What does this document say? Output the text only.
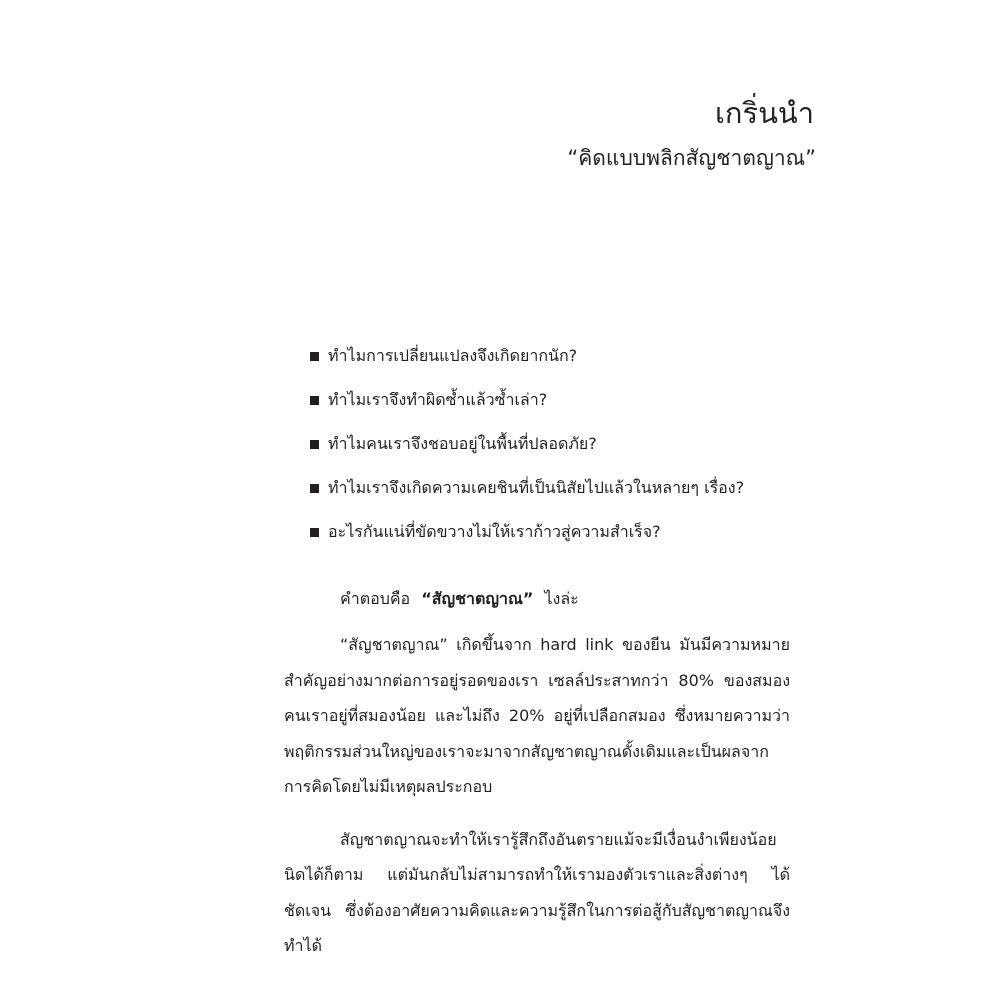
เกริ่นนำ
“คิดแบบพลิกสัญชาตญาณ”
ทำไมการเปลี่ยนแปลงจึงเกิดยากนัก?
ทำไมเราจึงทำผิดซ้ำแล้วซ้ำเล่า?
ทำไมคนเราจึงชอบอยู่ในพื้นที่ปลอดภัย?
ทำไมเราจึงเกิดความเคยชินที่เป็นนิสัยไปแล้วในหลายๆ เรื่อง?
อะไรกันแน่ที่ขัดขวางไม่ให้เราก้าวสู่ความสำเร็จ?
คำตอบคือ “สัญชาตญาณ” ไงล่ะ

“สัญชาตญาณ” เกิดขึ้นจาก hard link ของยีน มันมีความหมายสำคัญอย่างมากต่อการอยู่รอดของเรา เซลล์ประสาทกว่า 80% ของสมองคนเราอยู่ที่สมองน้อย และไม่ถึง 20% อยู่ที่เปลือกสมอง ซึ่งหมายความว่าพฤติกรรมส่วนใหญ่ของเราจะมาจากสัญชาตญาณดั้งเดิมและเป็นผลจากการคิดโดยไม่มีเหตุผลประกอบ

สัญชาตญาณจะทำให้เรารู้สึกถึงอันตรายแม้จะมีเงื่อนงำเพียงน้อยนิดได้ก็ตาม แต่มันกลับไม่สามารถทำให้เรามองตัวเราและสิ่งต่างๆ ได้ชัดเจน ซึ่งต้องอาศัยความคิดและความรู้สึกในการต่อสู้กับสัญชาตญาณจึงทำได้
